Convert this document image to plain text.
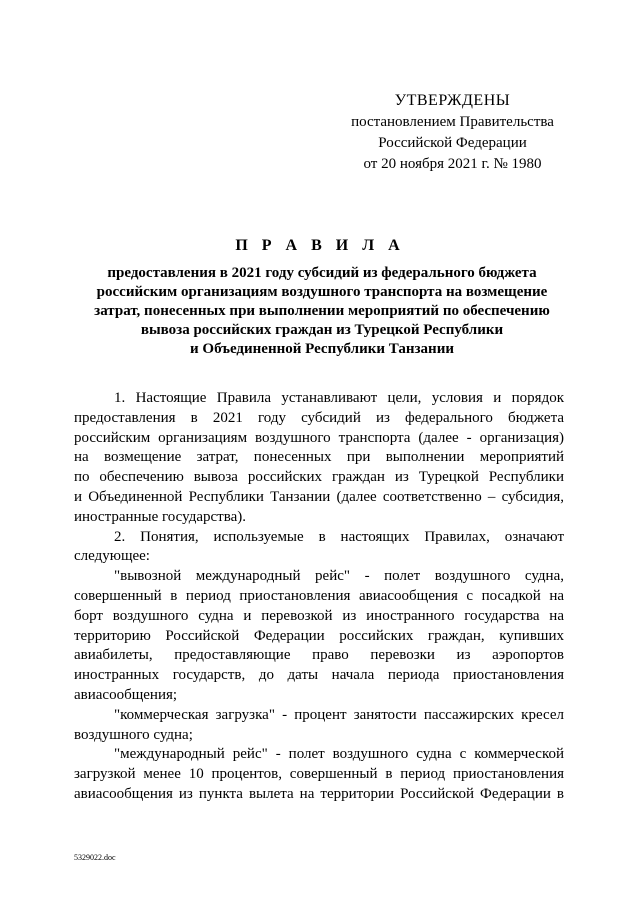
УТВЕРЖДЕНЫ
постановлением Правительства
Российской Федерации
от 20 ноября 2021 г. № 1980
П Р А В И Л А
предоставления в 2021 году субсидий из федерального бюджета
российским организациям воздушного транспорта на возмещение
затрат, понесенных при выполнении мероприятий по обеспечению
вывоза российских граждан из Турецкой Республики
и Объединенной Республики Танзании
1. Настоящие Правила устанавливают цели, условия и порядок
предоставления в 2021 году субсидий из федерального бюджета
российским организациям воздушного транспорта (далее - организация)
на возмещение затрат, понесенных при выполнении мероприятий
по обеспечению вывоза российских граждан из Турецкой Республики
и Объединенной Республики Танзании (далее соответственно – субсидия,
иностранные государства).
2. Понятия, используемые в настоящих Правилах, означают
следующее:
"вывозной международный рейс" - полет воздушного судна,
совершенный в период приостановления авиасообщения с посадкой на
борт воздушного судна и перевозкой из иностранного государства на
территорию Российской Федерации российских граждан, купивших
авиабилеты, предоставляющие право перевозки из аэропортов
иностранных государств, до даты начала периода приостановления
авиасообщения;
"коммерческая загрузка" - процент занятости пассажирских кресел
воздушного судна;
"международный рейс" - полет воздушного судна с коммерческой
загрузкой менее 10 процентов, совершенный в период приостановления
авиасообщения из пункта вылета на территории Российской Федерации в
5329022.doc
